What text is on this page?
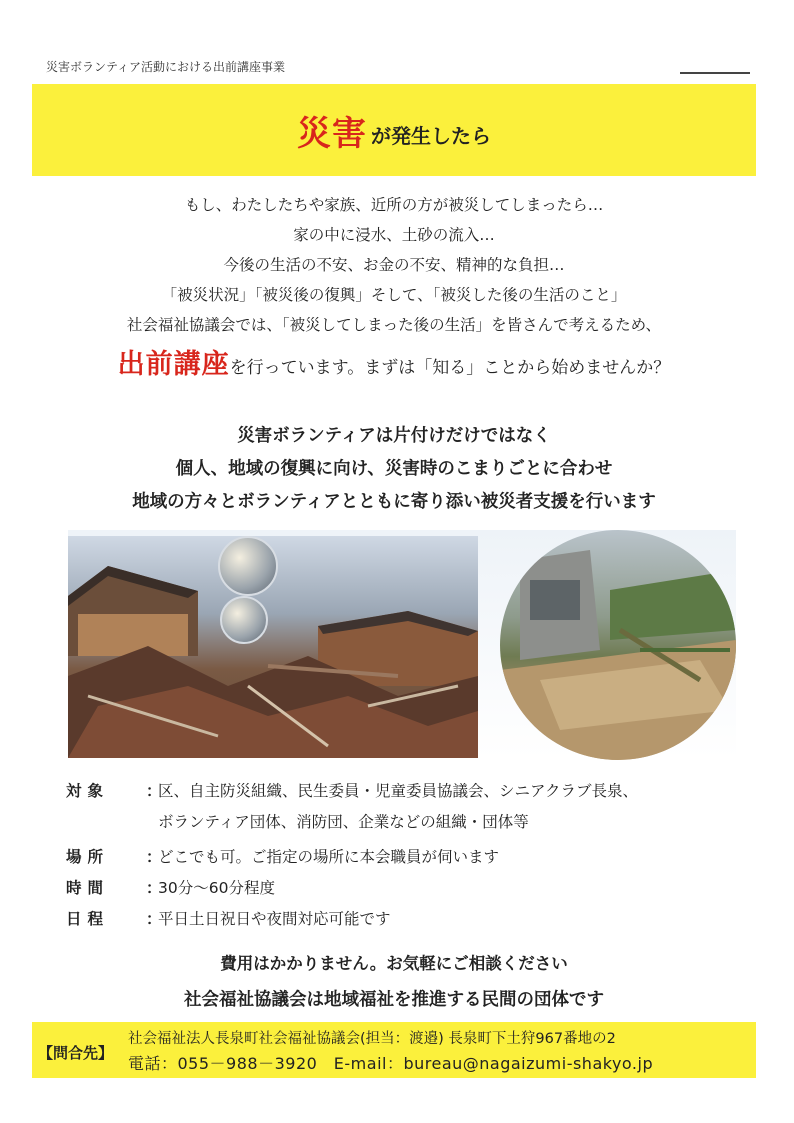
災害ボランティア活動における出前講座事業
災害 が発生したら
もし、わたしたちや家族、近所の方が被災してしまったら…
家の中に浸水、土砂の流入…
今後の生活の不安、お金の不安、精神的な負担…
「被災状況」「被災後の復興」そして、「被災した後の生活のこと」
社会福祉協議会では、「被災してしまった後の生活」を皆さんで考えるため、
出前講座 を行っています。まずは「知る」ことから始めませんか？
災害ボランティアは片付けだけではなく
個人、地域の復興に向け、災害時のこまりごとに合わせ
地域の方々とボランティアとともに寄り添い被災者支援を行います
対象	：
区、自主防災組織、民生委員・児童委員協議会、シニアクラブ長泉、
ボランティア団体、消防団、企業などの組織・団体等
場所	：
どこでも可。ご指定の場所に本会職員が伺います
時間	：
30分～60分程度
日程	：
平日土日祝日や夜間対応可能です
費用はかかりません。お気軽にご相談ください
社会福祉協議会は地域福祉を推進する民間の団体です
【問合先】
社会福祉法人長泉町社会福祉協議会(担当：渡邉) 長泉町下土狩967番地の2
電話：055－988－3920　E-mail：bureau@nagaizumi-shakyo.jp
